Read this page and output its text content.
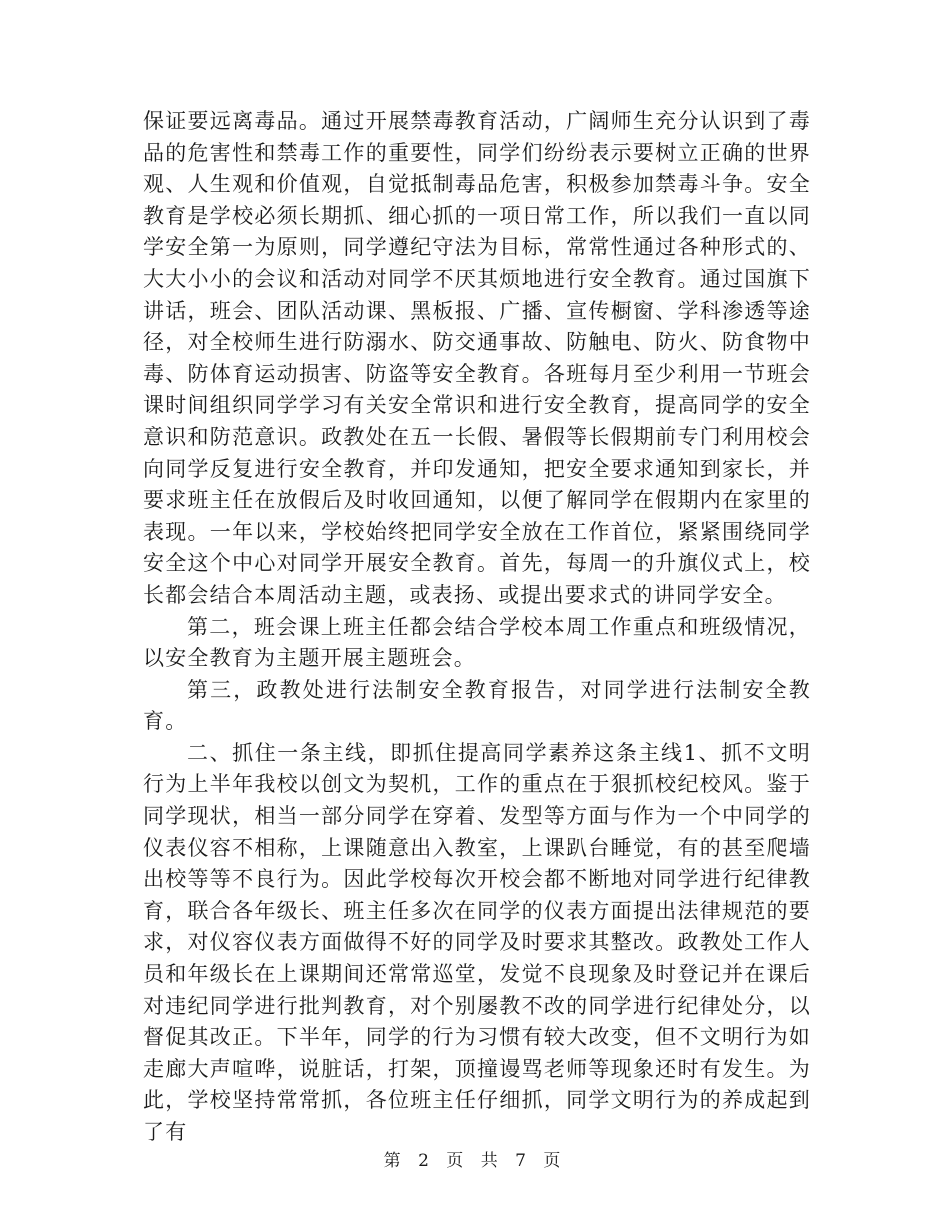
保证要远离毒品。通过开展禁毒教育活动，广阔师生充分认识到了毒品的危害性和禁毒工作的重要性，同学们纷纷表示要树立正确的世界观、人生观和价值观，自觉抵制毒品危害，积极参加禁毒斗争。安全教育是学校必须长期抓、细心抓的一项日常工作，所以我们一直以同学安全第一为原则，同学遵纪守法为目标，常常性通过各种形式的、大大小小的会议和活动对同学不厌其烦地进行安全教育。通过国旗下讲话，班会、团队活动课、黑板报、广播、宣传橱窗、学科渗透等途径，对全校师生进行防溺水、防交通事故、防触电、防火、防食物中毒、防体育运动损害、防盗等安全教育。各班每月至少利用一节班会课时间组织同学学习有关安全常识和进行安全教育，提高同学的安全意识和防范意识。政教处在五一长假、暑假等长假期前专门利用校会向同学反复进行安全教育，并印发通知，把安全要求通知到家长，并要求班主任在放假后及时收回通知，以便了解同学在假期内在家里的表现。一年以来，学校始终把同学安全放在工作首位，紧紧围绕同学安全这个中心对同学开展安全教育。首先，每周一的升旗仪式上，校长都会结合本周活动主题，或表扬、或提出要求式的讲同学安全。

第二，班会课上班主任都会结合学校本周工作重点和班级情况，以安全教育为主题开展主题班会。

第三，政教处进行法制安全教育报告，对同学进行法制安全教育。

二、抓住一条主线，即抓住提高同学素养这条主线1、抓不文明行为上半年我校以创文为契机，工作的重点在于狠抓校纪校风。鉴于同学现状，相当一部分同学在穿着、发型等方面与作为一个中同学的仪表仪容不相称，上课随意出入教室，上课趴台睡觉，有的甚至爬墙出校等等不良行为。因此学校每次开校会都不断地对同学进行纪律教育，联合各年级长、班主任多次在同学的仪表方面提出法律规范的要求，对仪容仪表方面做得不好的同学及时要求其整改。政教处工作人员和年级长在上课期间还常常巡堂，发觉不良现象及时登记并在课后对违纪同学进行批判教育，对个别屡教不改的同学进行纪律处分，以督促其改正。下半年，同学的行为习惯有较大改变，但不文明行为如走廊大声喧哗，说脏话，打架，顶撞谩骂老师等现象还时有发生。为此，学校坚持常常抓，各位班主任仔细抓，同学文明行为的养成起到了有

第 2 页 共 7 页
